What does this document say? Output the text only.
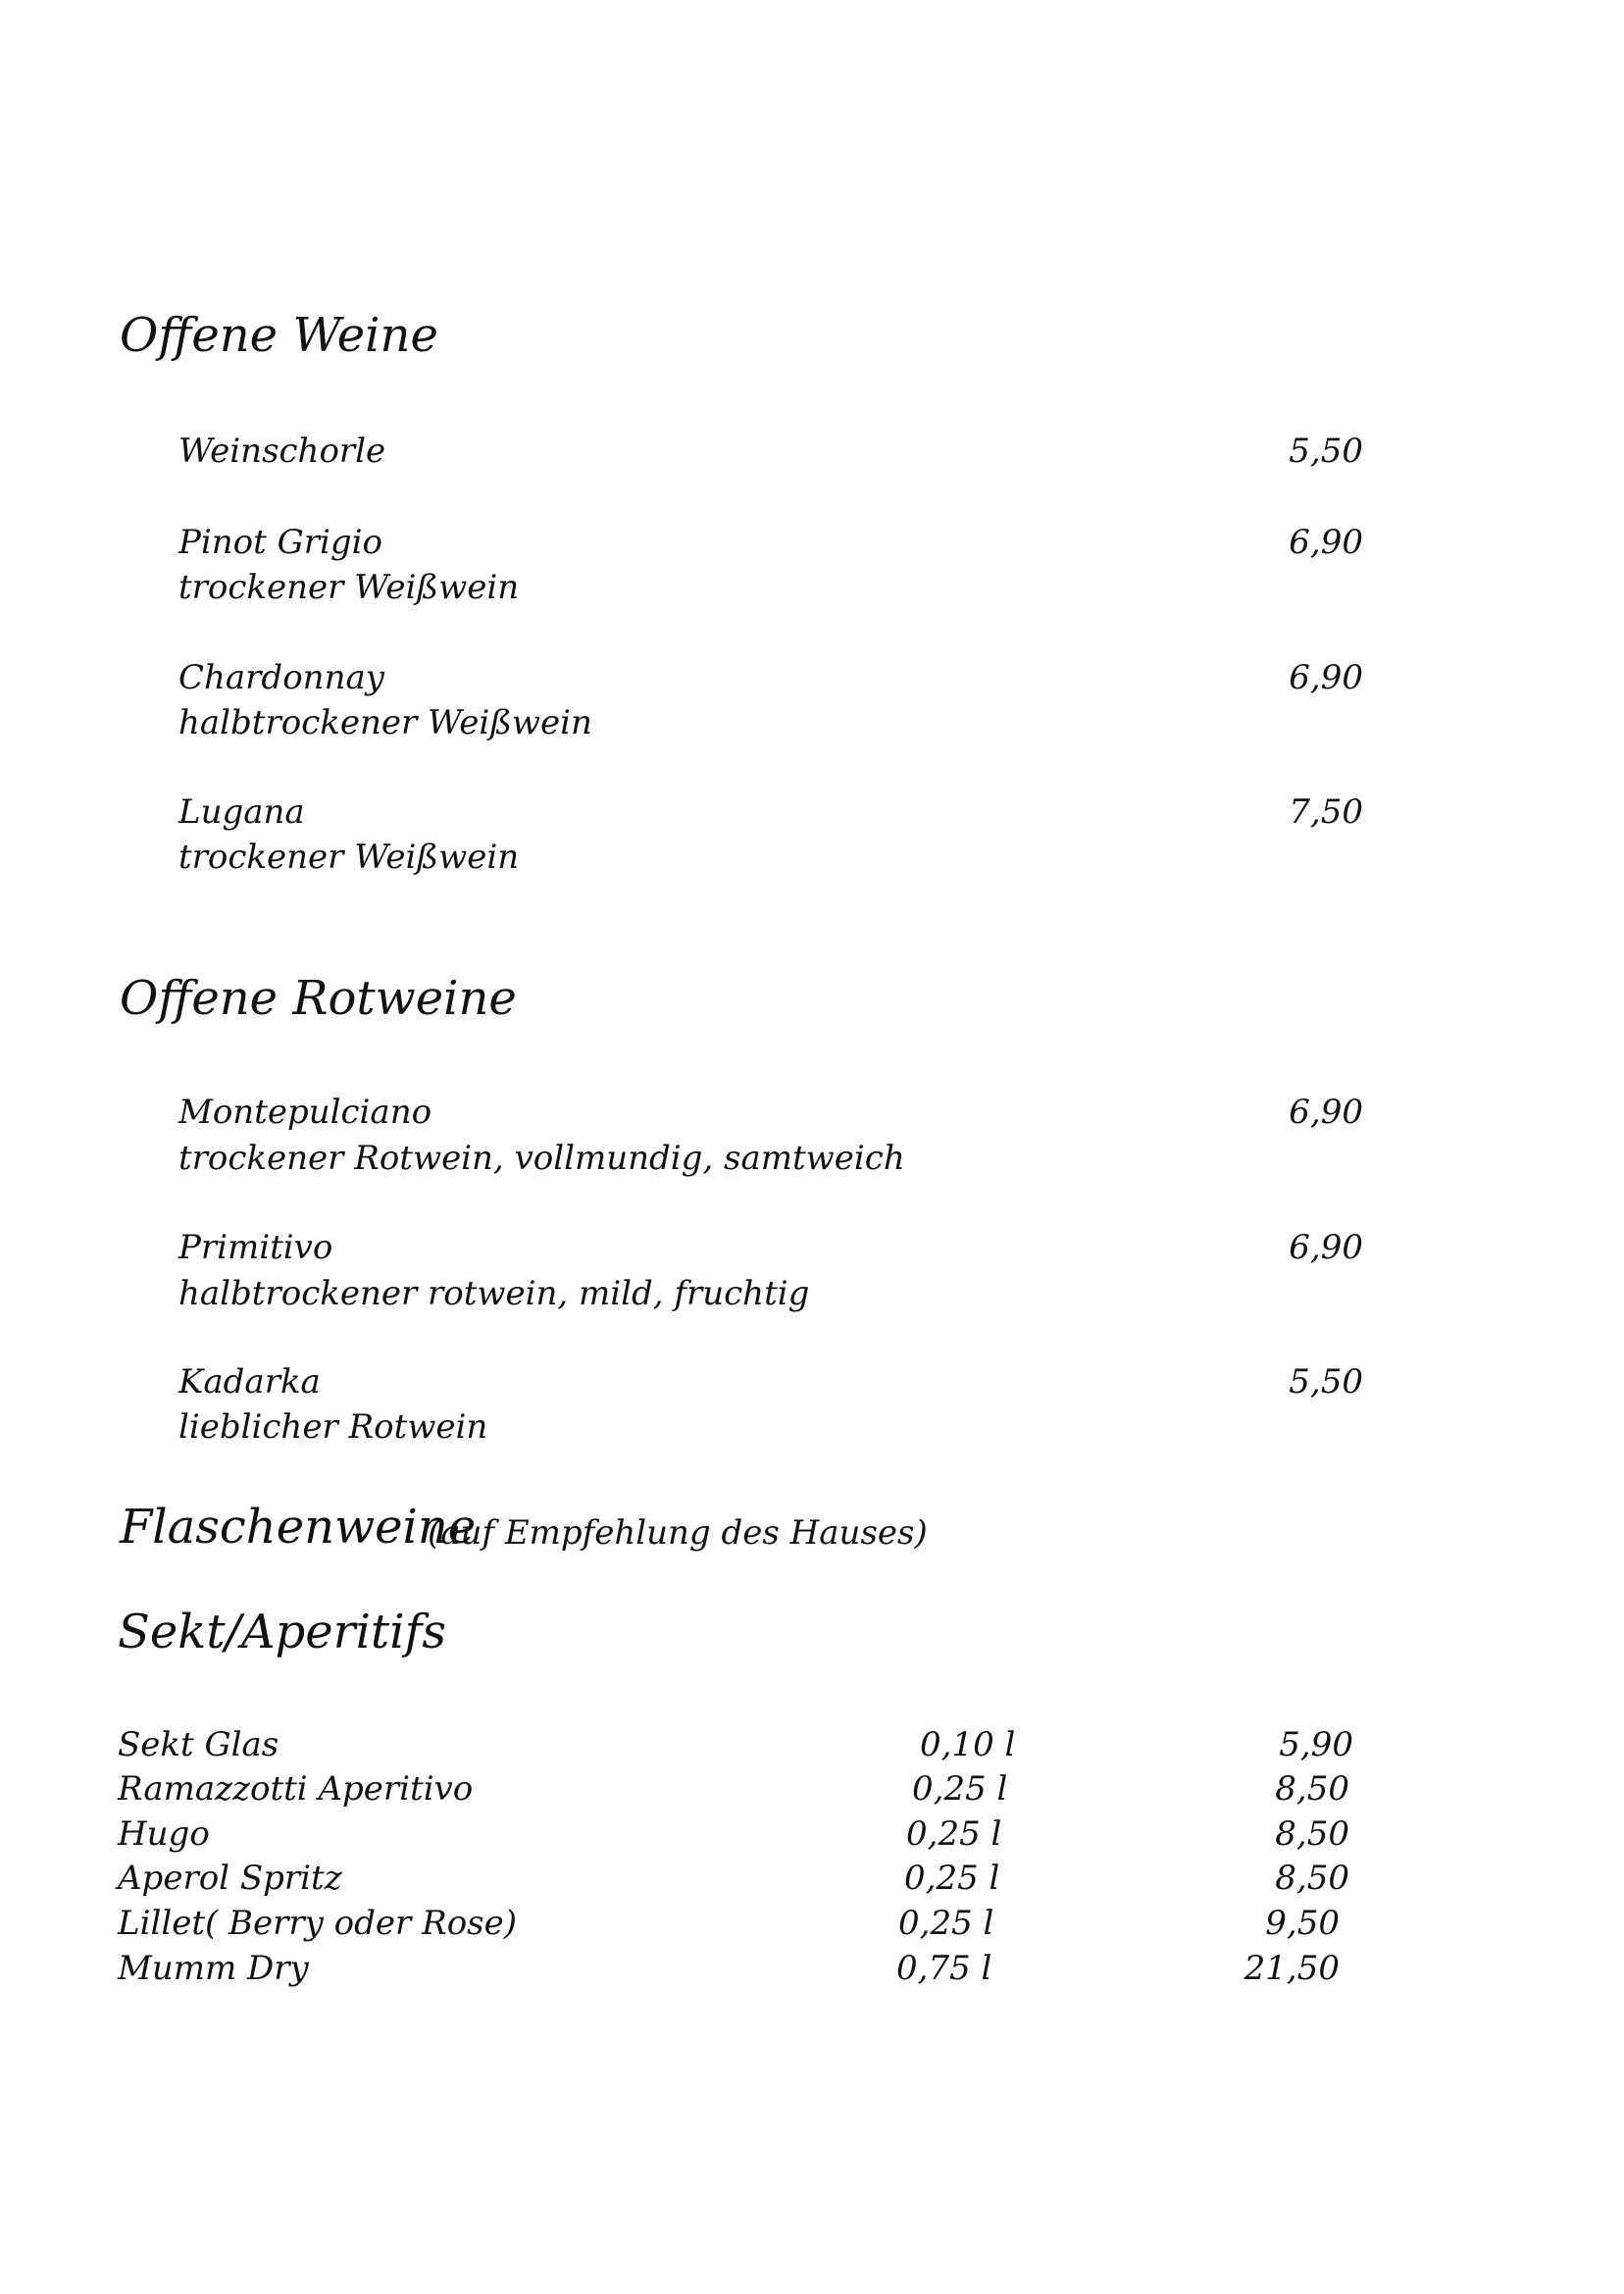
Offene Weine
Weinschorle	5,50
Pinot Grigio	6,90
trockener Weißwein
Chardonnay	6,90
halbtrockener Weißwein
Lugana	7,50
trockener Weißwein
Offene Rotweine
Montepulciano	6,90
trockener Rotwein, vollmundig, samtweich
Primitivo	6,90
halbtrockener rotwein, mild, fruchtig
Kadarka	5,50
lieblicher Rotwein
Flaschenweine
(auf Empfehlung des Hauses)
Sekt/Aperitifs
Sekt Glas	0,10 l	5,90
Ramazzotti Aperitivo	0,25 l	8,50
Hugo	0,25 l	8,50
Aperol Spritz	0,25 l	8,50
Lillet( Berry oder Rose)	0,25 l	9,50
Mumm Dry	0,75 l	21,50
